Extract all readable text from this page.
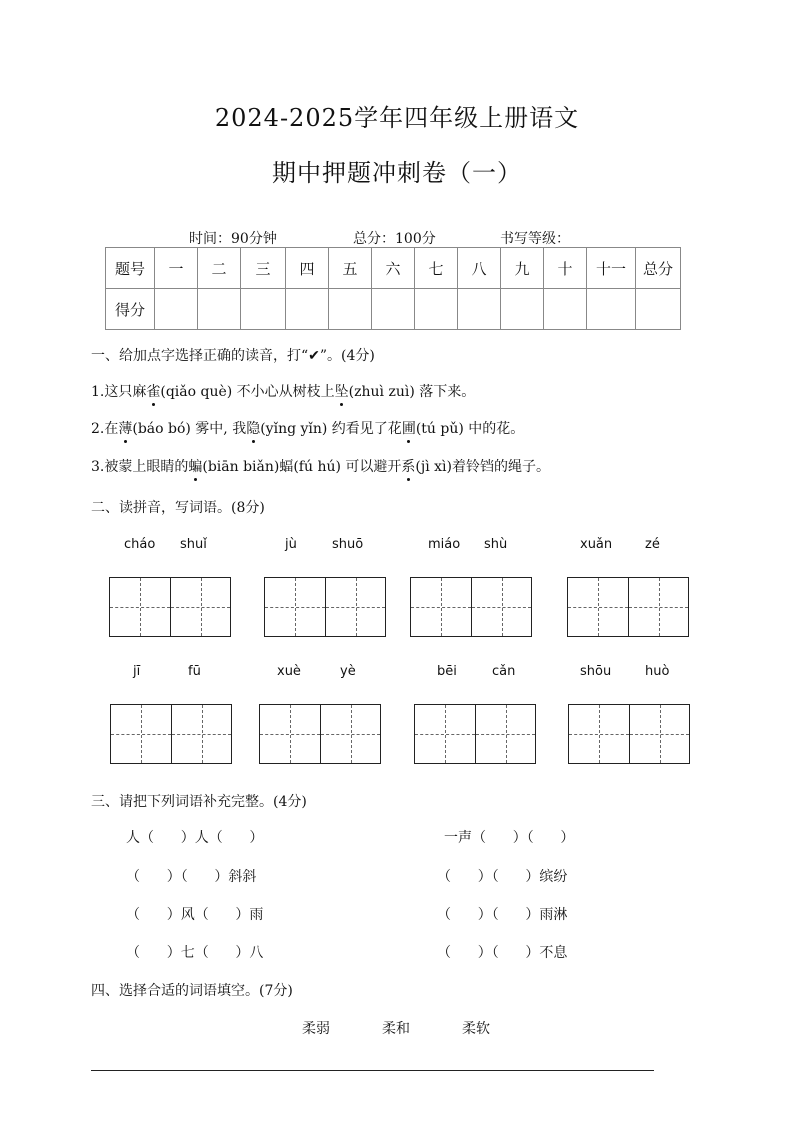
2024-2025学年四年级上册语文
期中押题冲刺卷（一）
时间：90分钟	总分：100分	书写等级：
题号	一	二	三	四	五	六	七	八	九	十	十一	总分
得分												
一、给加点字选择正确的读音，打“✔”。(4分)
1.这只麻雀(qiǎo què) 不小心从树枝上坠(zhuì zuì) 落下来。
2.在薄(báo bó) 雾中, 我隐(yǐng yǐn) 约看见了花圃(tú pǔ) 中的花。
3.被蒙上眼睛的蝙(biān biǎn)蝠(fú hú) 可以避开系(jì xì)着铃铛的绳子。
二、读拼音，写词语。(8分)
cháo shuǐ	jù	shuō	miáo shù	xuǎn	zé
jī	fū	xuè	yè	bēi	cǎn	shōu	huò
三、请把下列词语补充完整。(4分)
人（      ）人（      ）
（      ）（      ）斜斜
（      ）风（      ）雨
（      ）七（      ）八
一声（      ）（      ）
（      ）（      ）缤纷
（      ）（      ）雨淋
（      ）（      ）不息
四、选择合适的词语填空。(7分)
柔弱	柔和	柔软
